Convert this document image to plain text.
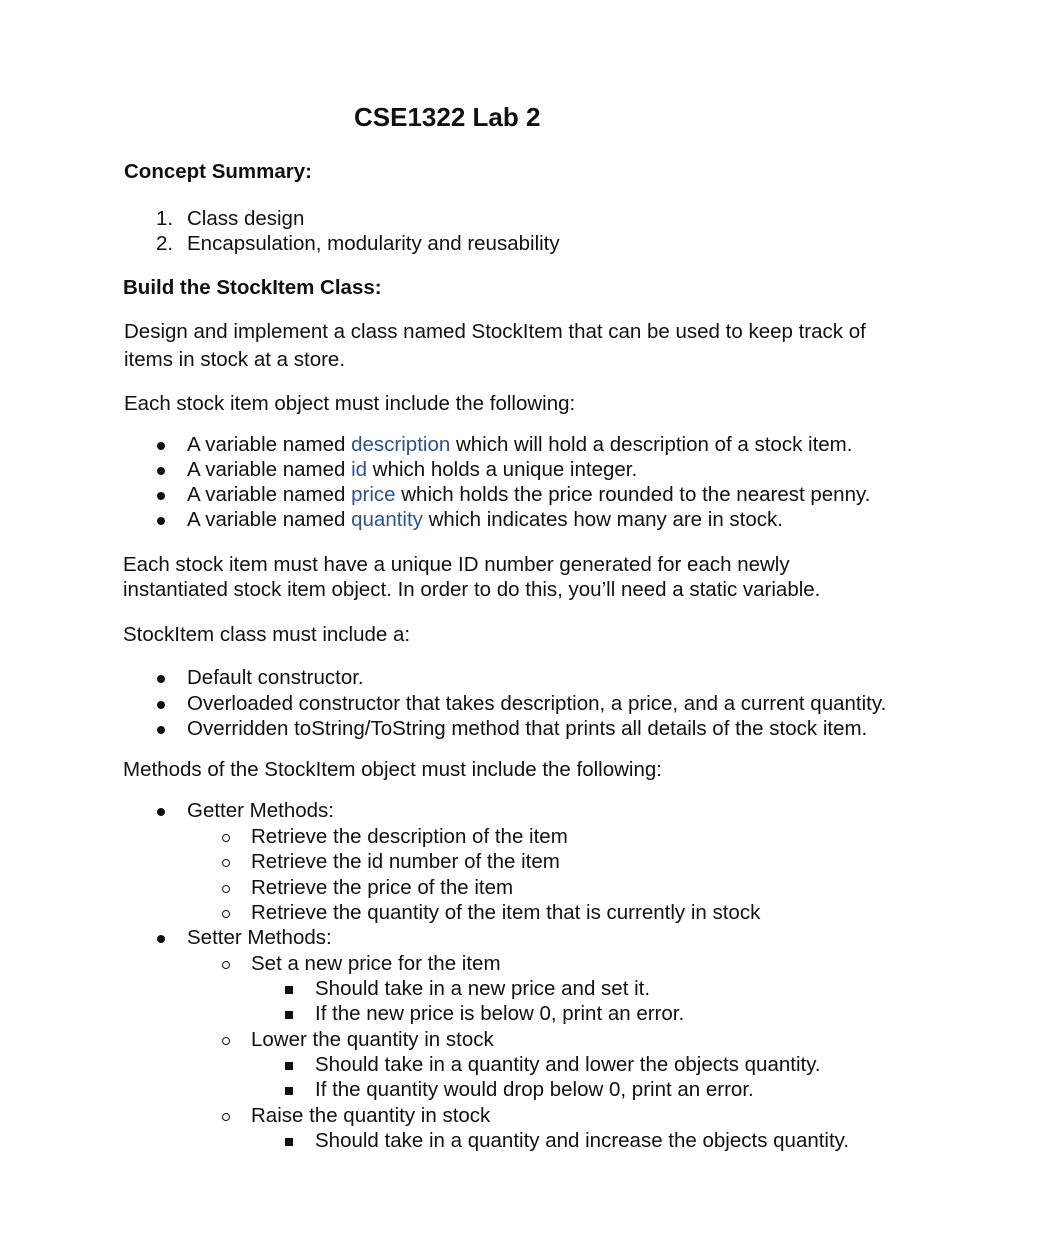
CSE1322 Lab 2
Concept Summary:
1. Class design
2. Encapsulation, modularity and reusability
Build the StockItem Class:
Design and implement a class named StockItem that can be used to keep track of
items in stock at a store.
Each stock item object must include the following:
A variable named description which will hold a description of a stock item.
A variable named id which holds a unique integer.
A variable named price which holds the price rounded to the nearest penny.
A variable named quantity which indicates how many are in stock.
Each stock item must have a unique ID number generated for each newly
instantiated stock item object. In order to do this, you’ll need a static variable.
StockItem class must include a:
Default constructor.
Overloaded constructor that takes description, a price, and a current quantity.
Overridden toString/ToString method that prints all details of the stock item.
Methods of the StockItem object must include the following:
Getter Methods:
Retrieve the description of the item
Retrieve the id number of the item
Retrieve the price of the item
Retrieve the quantity of the item that is currently in stock
Setter Methods:
Set a new price for the item
Should take in a new price and set it.
If the new price is below 0, print an error.
Lower the quantity in stock
Should take in a quantity and lower the objects quantity.
If the quantity would drop below 0, print an error.
Raise the quantity in stock
Should take in a quantity and increase the objects quantity.
